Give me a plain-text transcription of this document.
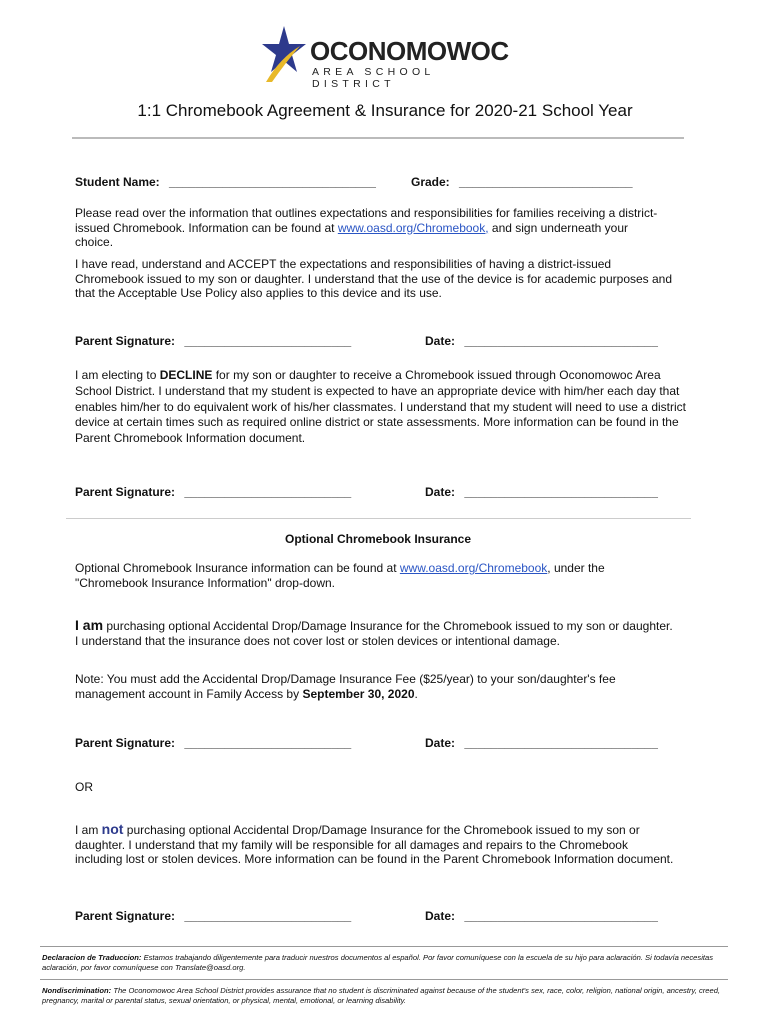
OCONOMOWOC
AREA SCHOOL DISTRICT
1:1 Chromebook Agreement & Insurance for 2020-21 School Year
Student Name: _______________________________	Grade: __________________________
Please read over the information that outlines expectations and responsibilities for families receiving a district-issued Chromebook. Information can be found at www.oasd.org/Chromebook, and sign underneath your choice.
I have read, understand and ACCEPT the expectations and responsibilities of having a district-issued Chromebook issued to my son or daughter. I understand that the use of the device is for academic purposes and that the Acceptable Use Policy also applies to this device and its use.
Parent Signature: _________________________	Date: _____________________________
I am electing to DECLINE for my son or daughter to receive a Chromebook issued through Oconomowoc Area School District. I understand that my student is expected to have an appropriate device with him/her each day that enables him/her to do equivalent work of his/her classmates. I understand that my student will need to use a district device at certain times such as required online district or state assessments. More information can be found in the Parent Chromebook Information document.
Parent Signature: _________________________	Date: _____________________________
Optional Chromebook Insurance
Optional Chromebook Insurance information can be found at www.oasd.org/Chromebook, under the "Chromebook Insurance Information" drop-down.
I am purchasing optional Accidental Drop/Damage Insurance for the Chromebook issued to my son or daughter. I understand that the insurance does not cover lost or stolen devices or intentional damage.
Note: You must add the Accidental Drop/Damage Insurance Fee ($25/year) to your son/daughter's fee management account in Family Access by September 30, 2020.
Parent Signature: _________________________	Date: _____________________________
OR
I am not purchasing optional Accidental Drop/Damage Insurance for the Chromebook issued to my son or daughter. I understand that my family will be responsible for all damages and repairs to the Chromebook including lost or stolen devices. More information can be found in the Parent Chromebook Information document.
Parent Signature: _________________________	Date: _____________________________
Declaracion de Traduccion: Estamos trabajando diligentemente para traducir nuestros documentos al español. Por favor comuníquese con la escuela de su hijo para aclaración. Si todavía necesitas aclaración, por favor comuníquese con Translate@oasd.org.
Nondiscrimination: The Oconomowoc Area School District provides assurance that no student is discriminated against because of the student's sex, race, color, religion, national origin, ancestry, creed, pregnancy, marital or parental status, sexual orientation, or physical, mental, emotional, or learning disability.
